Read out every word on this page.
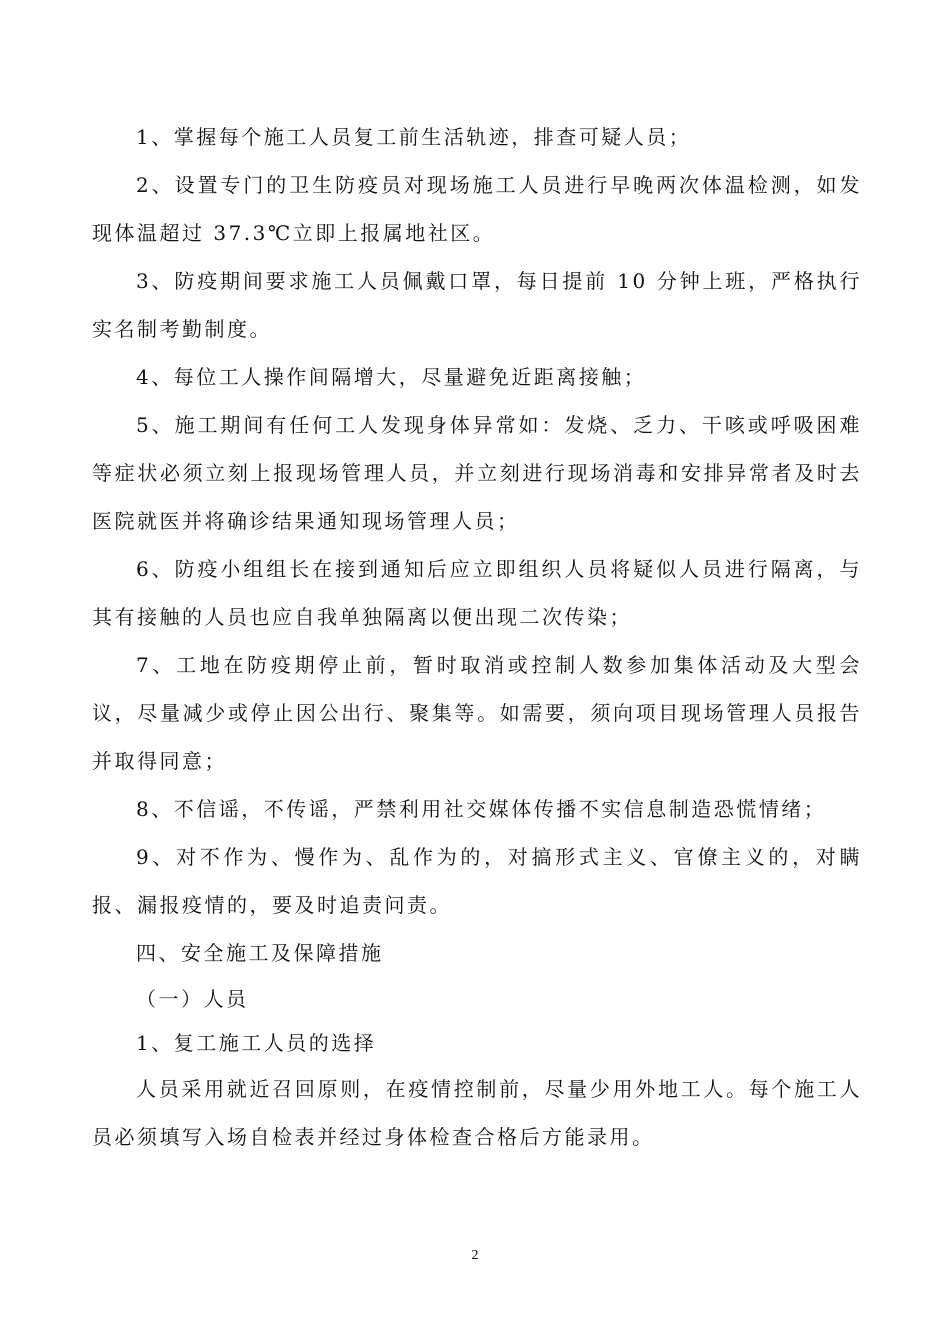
1、掌握每个施工人员复工前生活轨迹，排查可疑人员；

2、设置专门的卫生防疫员对现场施工人员进行早晚两次体温检测，如发现体温超过 37.3℃立即上报属地社区。

3、防疫期间要求施工人员佩戴口罩，每日提前 10 分钟上班，严格执行实名制考勤制度。

4、每位工人操作间隔增大，尽量避免近距离接触；

5、施工期间有任何工人发现身体异常如：发烧、乏力、干咳或呼吸困难等症状必须立刻上报现场管理人员，并立刻进行现场消毒和安排异常者及时去医院就医并将确诊结果通知现场管理人员；

6、防疫小组组长在接到通知后应立即组织人员将疑似人员进行隔离，与其有接触的人员也应自我单独隔离以便出现二次传染；

7、工地在防疫期停止前，暂时取消或控制人数参加集体活动及大型会议，尽量减少或停止因公出行、聚集等。如需要，须向项目现场管理人员报告并取得同意；

8、不信谣，不传谣，严禁利用社交媒体传播不实信息制造恐慌情绪；

9、对不作为、慢作为、乱作为的，对搞形式主义、官僚主义的，对瞒报、漏报疫情的，要及时追责问责。

四、安全施工及保障措施

（一）人员

1、复工施工人员的选择

人员采用就近召回原则，在疫情控制前，尽量少用外地工人。每个施工人员必须填写入场自检表并经过身体检查合格后方能录用。

2
